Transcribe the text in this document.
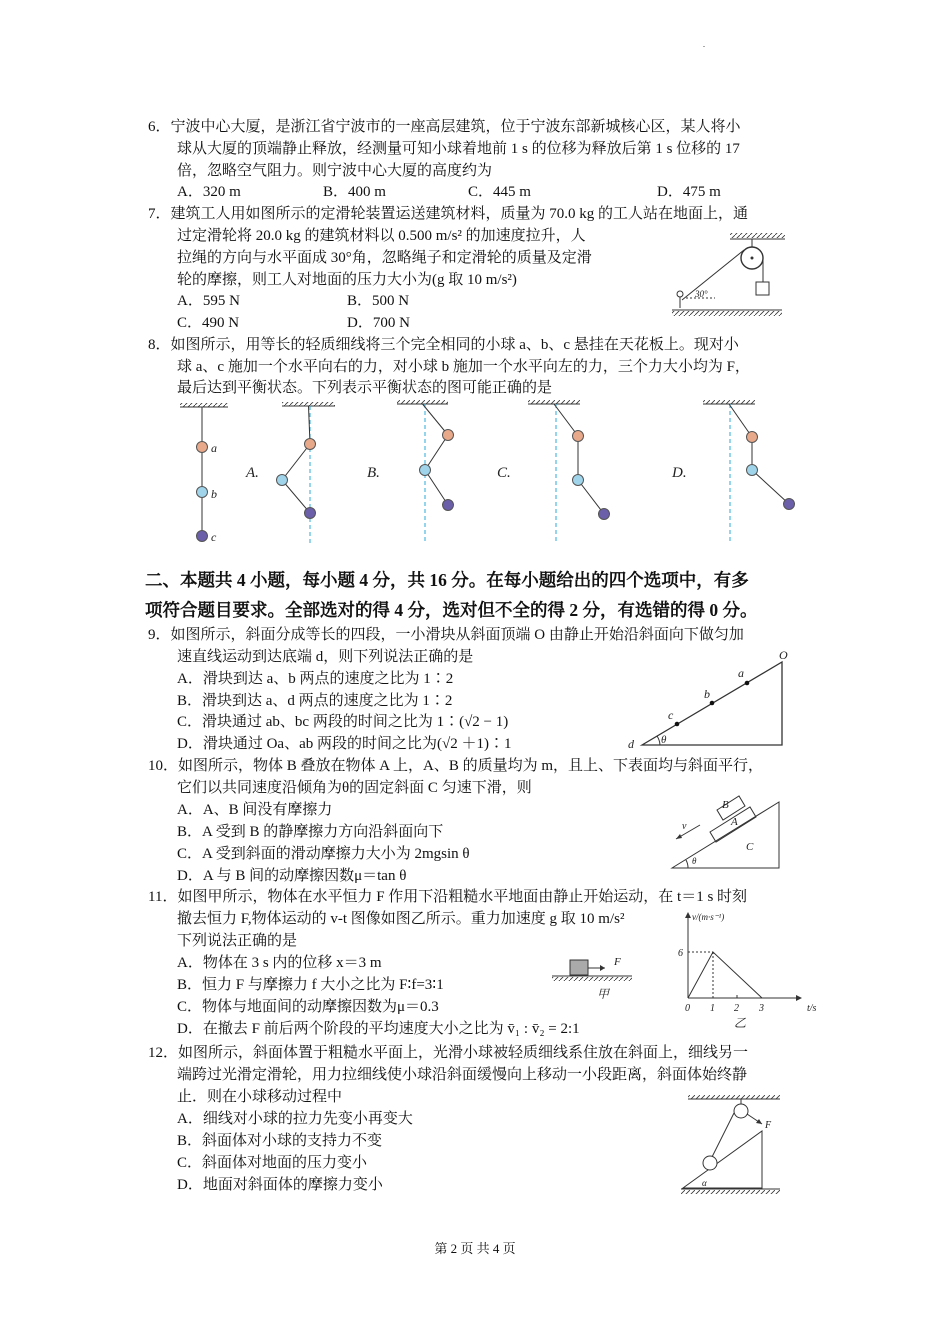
.
6．宁波中心大厦，是浙江省宁波市的一座高层建筑，位于宁波东部新城核心区，某人将小
球从大厦的顶端静止释放，经测量可知小球着地前 1 s 的位移为释放后第 1 s 位移的 17
倍，忽略空气阻力。则宁波中心大厦的高度约为
A．320 m	B．400 m	C．445 m	D．475 m
7．建筑工人用如图所示的定滑轮装置运送建筑材料，质量为 70.0 kg 的工人站在地面上，通
过定滑轮将 20.0 kg 的建筑材料以 0.500 m/s² 的加速度拉升，人
拉绳的方向与水平面成 30°角，忽略绳子和定滑轮的质量及定滑
轮的摩擦，则工人对地面的压力大小为(g 取 10 m/s²)
A．595 N	B．500 N
C．490 N	D．700 N
8．如图所示，用等长的轻质细线将三个完全相同的小球 a、b、c 悬挂在天花板上。现对小
球 a、c 施加一个水平向右的力，对小球 b 施加一个水平向左的力，三个力大小均为 F，
最后达到平衡状态。下列表示平衡状态的图可能正确的是
二、本题共 4 小题，每小题 4 分，共 16 分。在每小题给出的四个选项中，有多
项符合题目要求。全部选对的得 4 分，选对但不全的得 2 分，有选错的得 0 分。
9．如图所示，斜面分成等长的四段，一小滑块从斜面顶端 O 由静止开始沿斜面向下做匀加
速直线运动到达底端 d，则下列说法正确的是
A．滑块到达 a、b 两点的速度之比为 1∶2
B．滑块到达 a、d 两点的速度之比为 1∶2
C．滑块通过 ab、bc 两段的时间之比为 1∶(√2 − 1)
D．滑块通过 Oa、ab 两段的时间之比为(√2 ＋1)∶1
10．如图所示，物体 B 叠放在物体 A 上，A、B 的质量均为 m，且上、下表面均与斜面平行，
它们以共同速度沿倾角为θ的固定斜面 C 匀速下滑，则
A．A、B 间没有摩擦力
B．A 受到 B 的静摩擦力方向沿斜面向下
C．A 受到斜面的滑动摩擦力大小为 2mgsin θ
D．A 与 B 间的动摩擦因数μ＝tan θ
11．如图甲所示，物体在水平恒力 F 作用下沿粗糙水平地面由静止开始运动，在 t＝1 s 时刻
撤去恒力 F,物体运动的 v-t 图像如图乙所示。重力加速度 g 取 10 m/s²
下列说法正确的是
A．物体在 3 s 内的位移 x＝3 m
B．恒力 F 与摩擦力 f 大小之比为 F∶f=3∶1
C．物体与地面间的动摩擦因数为μ＝0.3
D．在撤去 F 前后两个阶段的平均速度大小之比为 v̄₁ : v̄₂ = 2:1
12．如图所示，斜面体置于粗糙水平面上，光滑小球被轻质细线系住放在斜面上，细线另一
端跨过光滑定滑轮，用力拉细线使小球沿斜面缓慢向上移动一小段距离，斜面体始终静
止．则在小球移动过程中
A．细线对小球的拉力先变小再变大
B．斜面体对小球的支持力不变
C．斜面体对地面的压力变小
D．地面对斜面体的摩擦力变小
第 2 页 共 4 页
30°
a
b
c
A.	B.	C.	D.
O
a
b
c
d θ
A
B
C
v
θ
F
甲
v/(m·s⁻¹)
t/s
6
0 1 2 3
乙
F
α
